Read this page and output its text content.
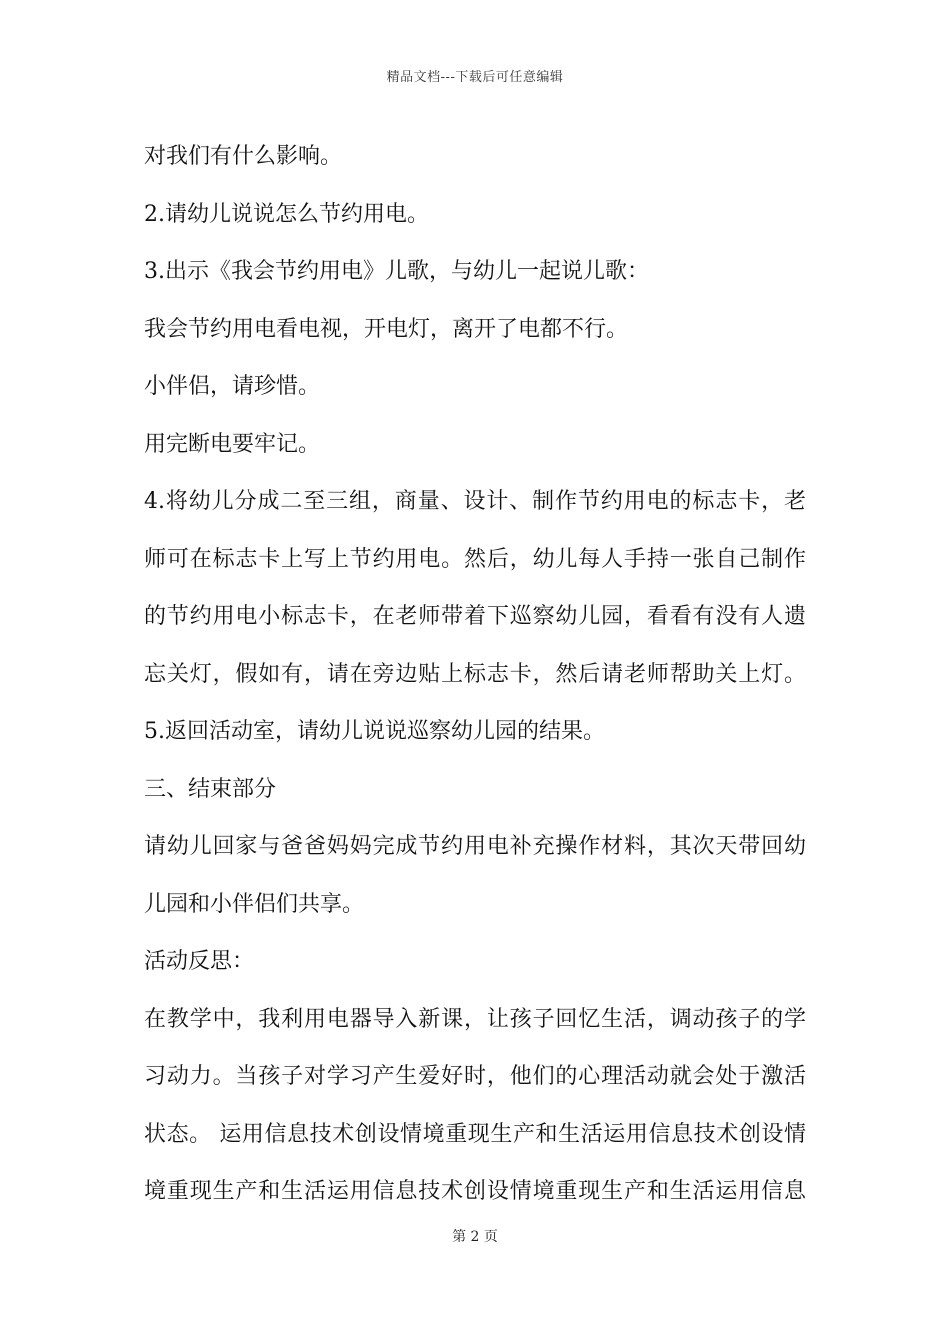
精品文档---下载后可任意编辑
对我们有什么影响。
2.请幼儿说说怎么节约用电。
3.出示《我会节约用电》儿歌，与幼儿一起说儿歌：
我会节约用电看电视，开电灯，离开了电都不行。
小伴侣，请珍惜。
用完断电要牢记。
4.将幼儿分成二至三组，商量、设计、制作节约用电的标志卡，老
师可在标志卡上写上节约用电。然后，幼儿每人手持一张自己制作
的节约用电小标志卡，在老师带着下巡察幼儿园，看看有没有人遗
忘关灯，假如有，请在旁边贴上标志卡，然后请老师帮助关上灯。
5.返回活动室，请幼儿说说巡察幼儿园的结果。
三、结束部分
请幼儿回家与爸爸妈妈完成节约用电补充操作材料，其次天带回幼
儿园和小伴侣们共享。
活动反思：
在教学中，我利用电器导入新课，让孩子回忆生活，调动孩子的学
习动力。当孩子对学习产生爱好时，他们的心理活动就会处于激活
状态。 运用信息技术创设情境重现生产和生活运用信息技术创设情
境重现生产和生活运用信息技术创设情境重现生产和生活运用信息
第 2 页
